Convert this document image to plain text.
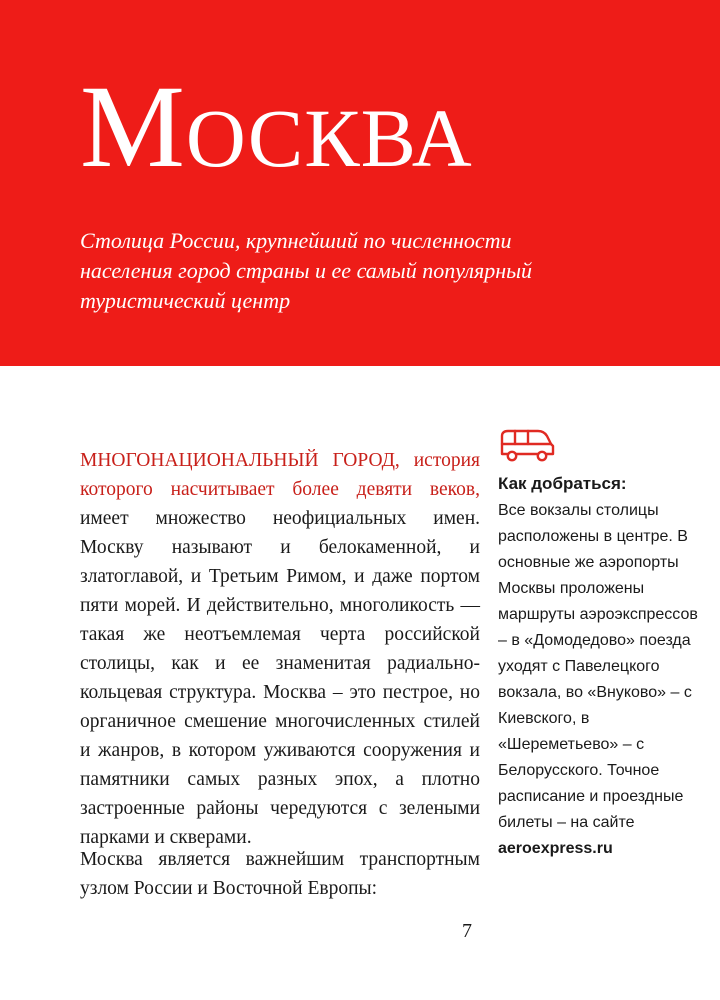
Москва

Столица России, крупнейший по численности населения город страны и ее самый популярный туристический центр

МНОГОНАЦИОНАЛЬНЫЙ ГОРОД, история которого насчитывает более девяти веков, имеет множество неофициальных имен. Москву называют и белокаменной, и златоглавой, и Третьим Римом, и даже портом пяти морей. И действительно, многоликость — такая же неотъемлемая черта российской столицы, как и ее знаменитая радиально-кольцевая структура. Москва – это пестрое, но органичное смешение многочисленных стилей и жанров, в котором уживаются сооружения и памятники самых разных эпох, а плотно застроенные районы чередуются с зелеными парками и скверами.

Москва является важнейшим транспортным узлом России и Восточной Европы:

Как добраться:

Все вокзалы столицы расположены в центре. В основные же аэропорты Москвы проложены маршруты аэроэкспрессов – в «Домодедово» поезда уходят с Павелецкого вокзала, во «Внуково» – с Киевского, в «Шереметьево» – с Белорусского. Точное расписание и проездные билеты – на сайте aeroexpress.ru

7
